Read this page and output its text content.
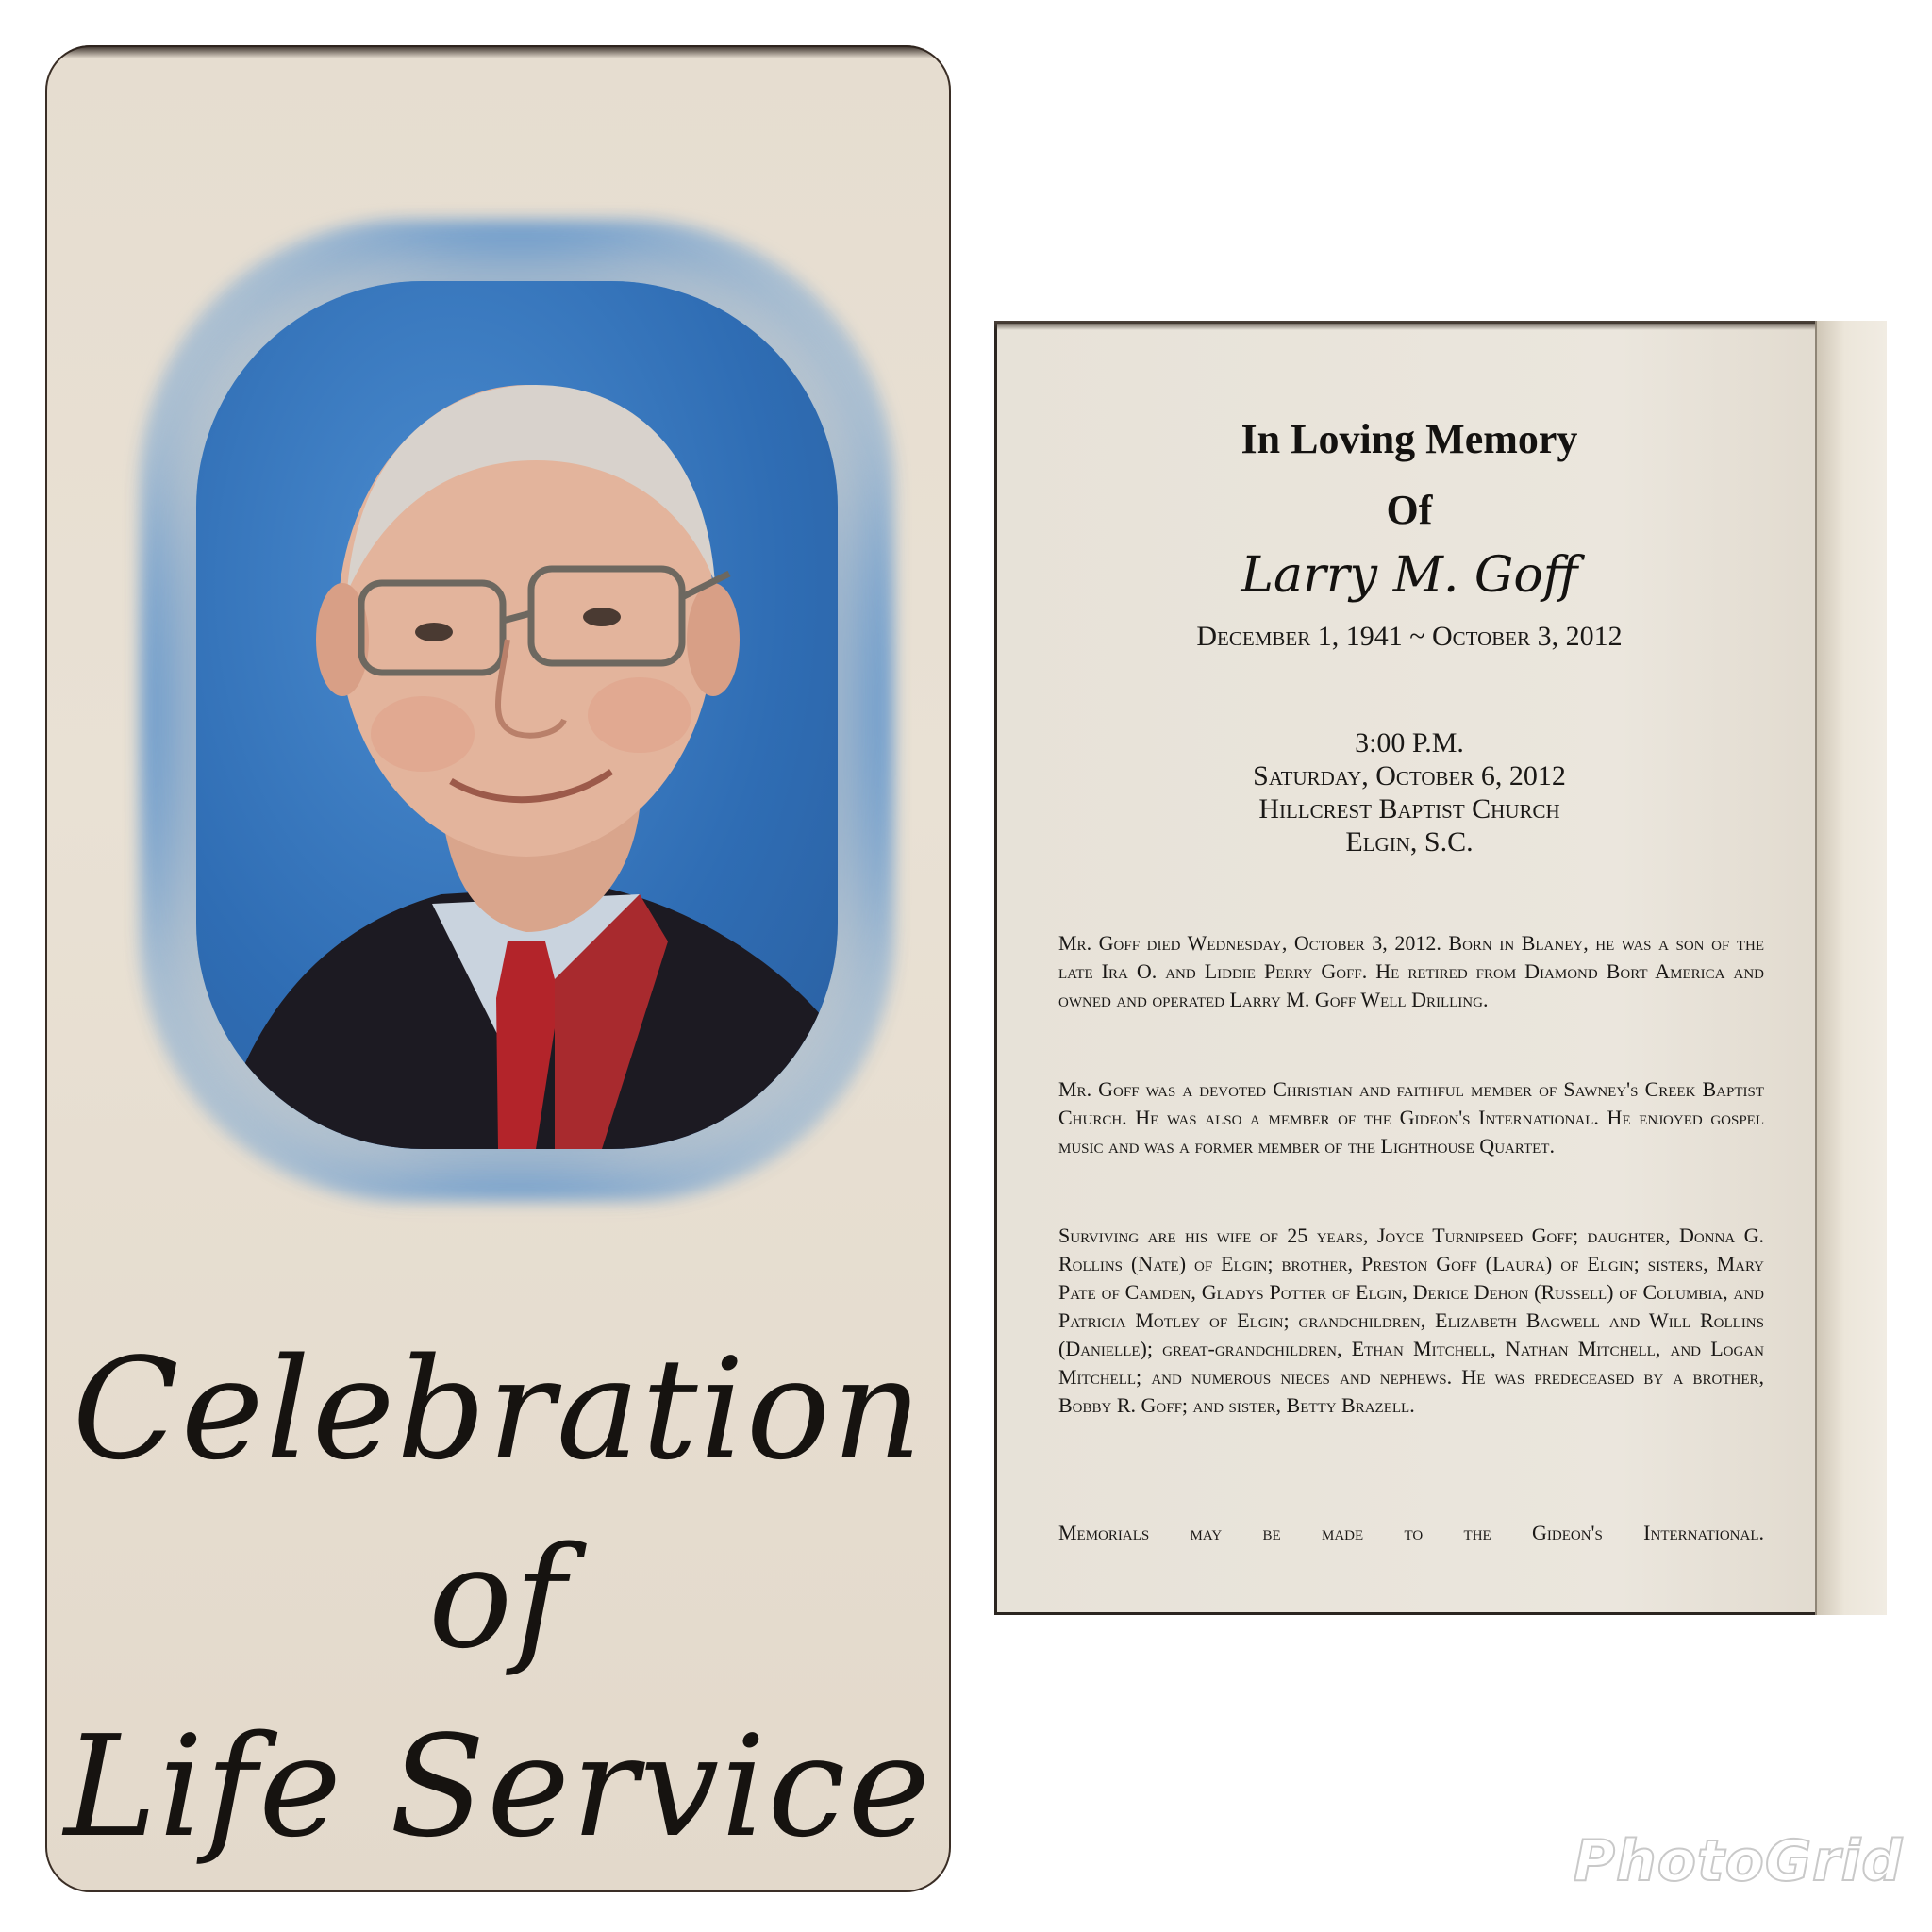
Celebration
of
Life Service
In Loving Memory
Of
Larry M. Goff
December 1, 1941 ~ October 3, 2012
3:00 P.M.
Saturday, October 6, 2012
Hillcrest Baptist Church
Elgin, S.C.
Mr. Goff died Wednesday, October 3, 2012. Born in Blaney, he was a son of the late Ira O. and Liddie Perry Goff. He retired from Diamond Bort America and owned and operated Larry M. Goff Well Drilling.
Mr. Goff was a devoted Christian and faithful member of Sawney's Creek Baptist Church. He was also a member of the Gideon's International. He enjoyed gospel music and was a former member of the Lighthouse Quartet.
Surviving are his wife of 25 years, Joyce Turnipseed Goff; daughter, Donna G. Rollins (Nate) of Elgin; brother, Preston Goff (Laura) of Elgin; sisters, Mary Pate of Camden, Gladys Potter of Elgin, Derice Dehon (Russell) of Columbia, and Patricia Motley of Elgin; grandchildren, Elizabeth Bagwell and Will Rollins (Danielle); great-grandchildren, Ethan Mitchell, Nathan Mitchell, and Logan Mitchell; and numerous nieces and nephews. He was predeceased by a brother, Bobby R. Goff; and sister, Betty Brazell.
Memorials may be made to the Gideon's International.
PhotoGrid
